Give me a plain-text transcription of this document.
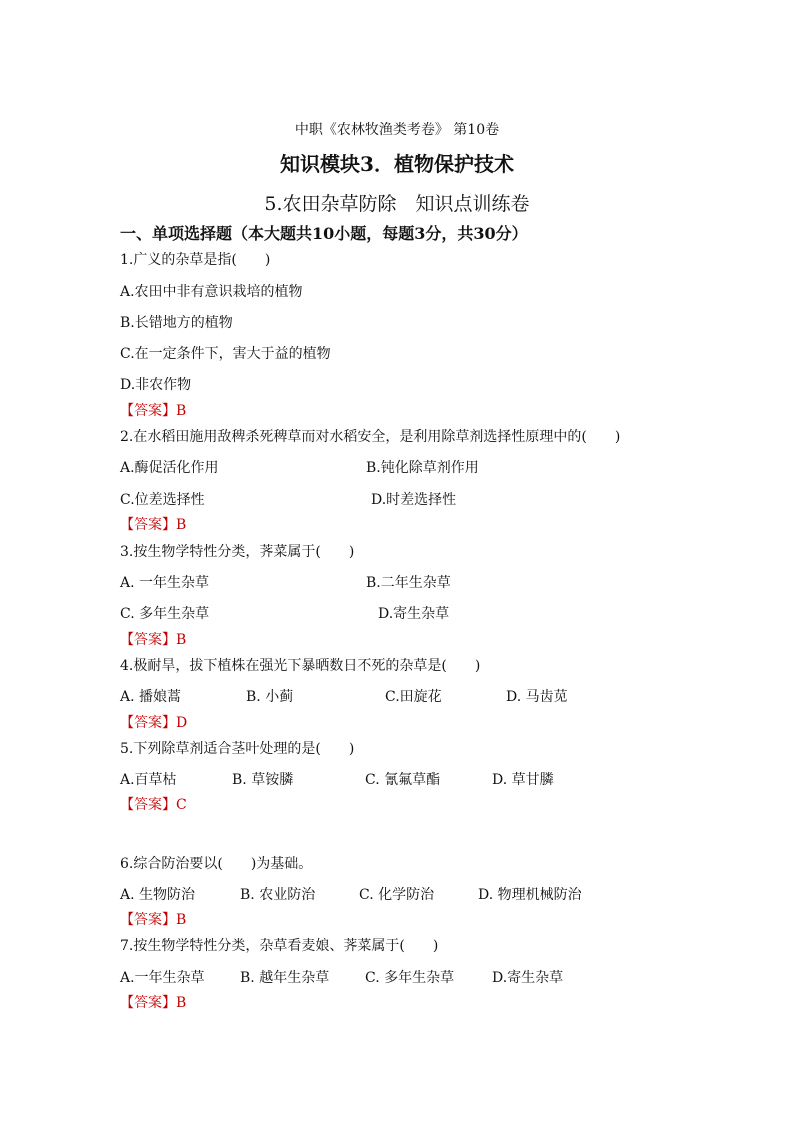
中职《农林牧渔类考卷》 第10卷
知识模块3．植物保护技术
5.农田杂草防除　知识点训练卷
一、单项选择题（本大题共10小题，每题3分，共30分）
1.广义的杂草是指(　　)
A.农田中非有意识栽培的植物
B.长错地方的植物
C.在一定条件下，害大于益的植物
D.非农作物
【答案】B
2.在水稻田施用敌稗杀死稗草而对水稻安全，是利用除草剂选择性原理中的(　　)
A.酶促活化作用	B.钝化除草剂作用
C.位差选择性	D.时差选择性
【答案】B
3.按生物学特性分类，荠菜属于(　　)
A. 一年生杂草	B.二年生杂草
C. 多年生杂草	D.寄生杂草
【答案】B
4.极耐旱，拔下植株在强光下暴晒数日不死的杂草是(　　)
A. 播娘蒿	B. 小蓟	C.田旋花	D. 马齿苋
【答案】D
5.下列除草剂适合茎叶处理的是(　　)
A.百草枯	B. 草铵膦	C. 氰氟草酯	D. 草甘膦
【答案】C
6.综合防治要以(　　)为基础。
A. 生物防治	B. 农业防治	C. 化学防治	D. 物理机械防治
【答案】B
7.按生物学特性分类，杂草看麦娘、荠菜属于(　　)
A.一年生杂草	B. 越年生杂草	C. 多年生杂草	D.寄生杂草
【答案】B
